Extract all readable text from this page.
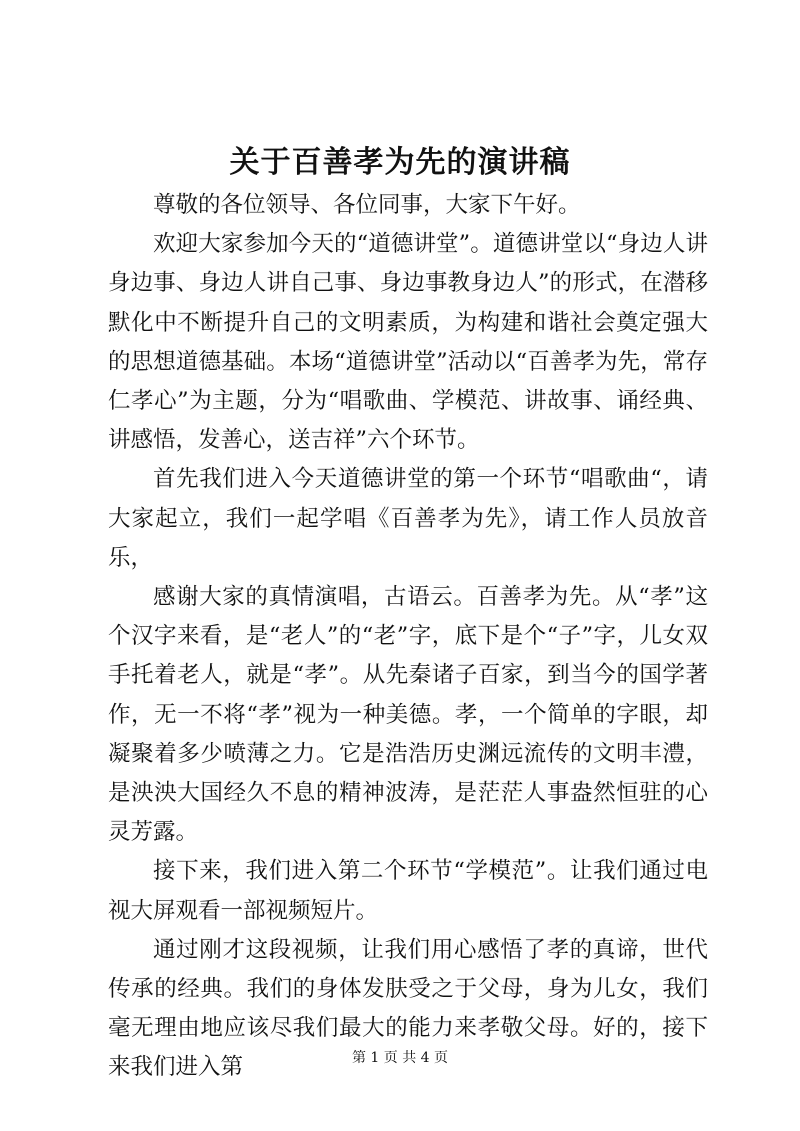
关于百善孝为先的演讲稿

尊敬的各位领导、各位同事，大家下午好。

欢迎大家参加今天的“道德讲堂”。道德讲堂以“身边人讲身边事、身边人讲自己事、身边事教身边人”的形式，在潜移默化中不断提升自己的文明素质，为构建和谐社会奠定强大的思想道德基础。本场“道德讲堂”活动以“百善孝为先，常存仁孝心”为主题，分为“唱歌曲、学模范、讲故事、诵经典、讲感悟，发善心，送吉祥”六个环节。

首先我们进入今天道德讲堂的第一个环节“唱歌曲“，请大家起立，我们一起学唱《百善孝为先》，请工作人员放音乐，

感谢大家的真情演唱，古语云。百善孝为先。从“孝”这个汉字来看，是“老人”的“老”字，底下是个“子”字，儿女双手托着老人，就是“孝”。从先秦诸子百家，到当今的国学著作，无一不将“孝”视为一种美德。孝，一个简单的字眼，却凝聚着多少喷薄之力。它是浩浩历史渊远流传的文明丰澧，是泱泱大国经久不息的精神波涛，是茫茫人事盎然恒驻的心灵芳露。

接下来，我们进入第二个环节“学模范”。让我们通过电视大屏观看一部视频短片。

通过刚才这段视频，让我们用心感悟了孝的真谛，世代传承的经典。我们的身体发肤受之于父母，身为儿女，我们毫无理由地应该尽我们最大的能力来孝敬父母。好的，接下来我们进入第	第 1 页 共 4 页
